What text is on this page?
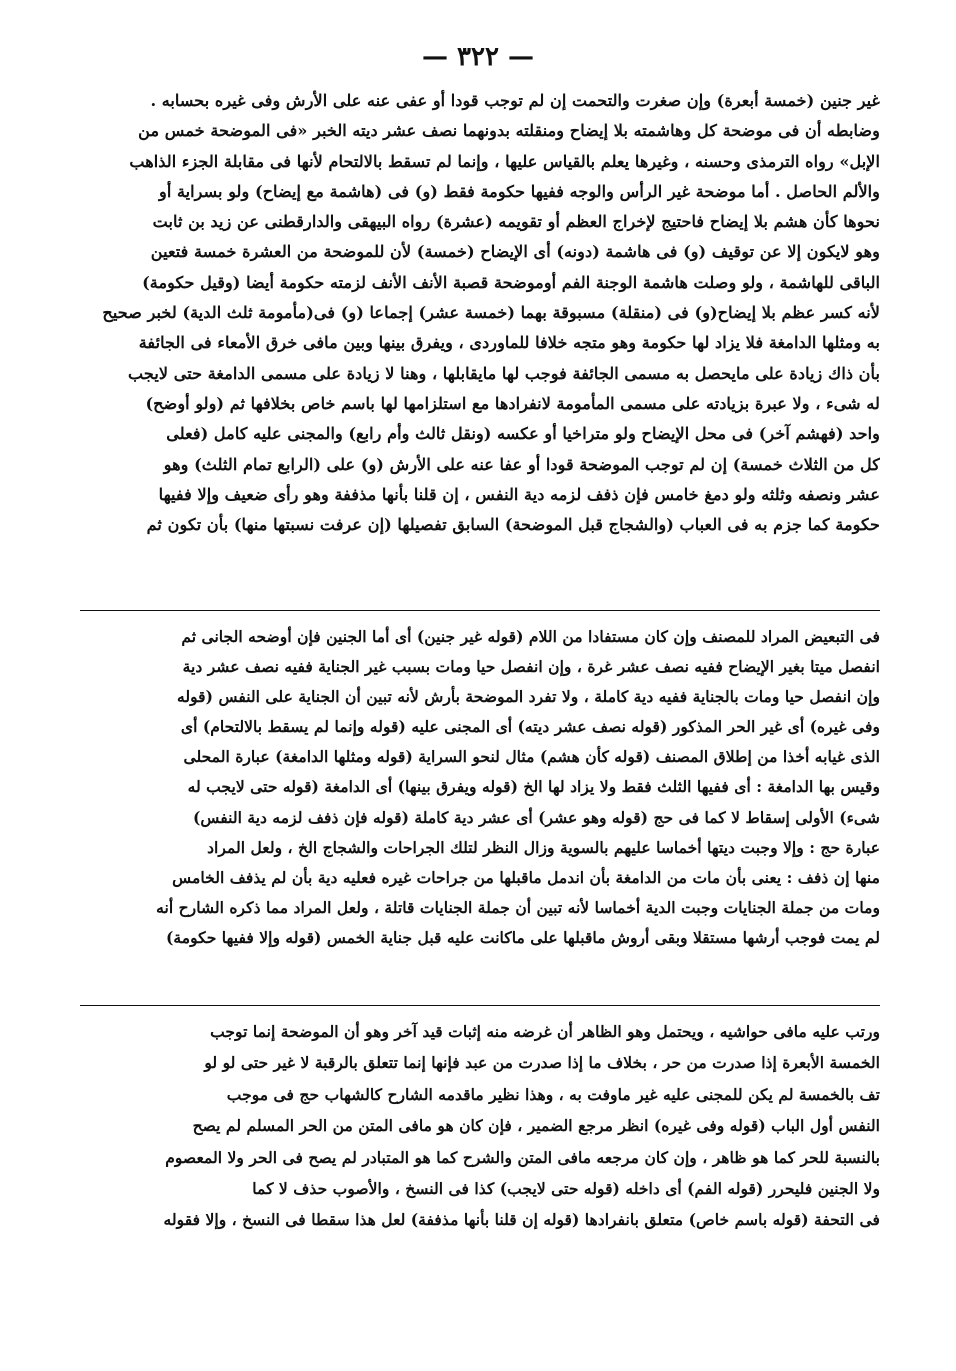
— ٣٢٢ —
غير جنين (خمسة أبعرة) وإن صغرت والتحمت إن لم توجب قودا أو عفى عنه على الأرش وفى غيره بحسابه .
وضابطه أن فى موضحة كل وهاشمته بلا إيضاح ومنقلته بدونهما نصف عشر ديته الخبر «فى الموضحة خمس من
الإبل» رواه الترمذى وحسنه ، وغيرها يعلم بالقياس عليها ، وإنما لم تسقط بالالتحام لأنها فى مقابلة الجزء الذاهب
والألم الحاصل . أما موضحة غير الرأس والوجه ففيها حكومة فقط (و) فى (هاشمة مع إيضاح) ولو بسراية أو
نحوها كأن هشم بلا إيضاح فاحتيج لإخراج العظم أو تقويمه (عشرة) رواه البيهقى والدارقطنى عن زيد بن ثابت
وهو لايكون إلا عن توقيف (و) فى هاشمة (دونه) أى الإيضاح (خمسة) لأن للموضحة من العشرة خمسة فتعين
الباقى للهاشمة ، ولو وصلت هاشمة الوجنة الفم أوموضحة قصبة الأنف الأنف لزمته حكومة أيضا (وقيل حكومة)
لأنه كسر عظم بلا إيضاح(و) فى (منقلة) مسبوقة بهما (خمسة عشر) إجماعا (و) فى(مأمومة ثلث الدية) لخبر صحيح
به ومثلها الدامغة فلا يزاد لها حكومة وهو متجه خلافا للماوردى ، ويفرق بينها وبين مافى خرق الأمعاء فى الجائفة
بأن ذاك زيادة على مايحصل به مسمى الجائفة فوجب لها مايقابلها ، وهنا لا زيادة على مسمى الدامغة حتى لايجب
له شىء ، ولا عبرة بزيادته على مسمى المأمومة لانفرادها مع استلزامها لها باسم خاص بخلافها ثم (ولو أوضح)
واحد (فهشم آخر) فى محل الإيضاح ولو متراخيا أو عكسه (ونقل ثالث وأم رابع) والمجنى عليه كامل (فعلى
كل من الثلاث خمسة) إن لم توجب الموضحة قودا أو عفا عنه على الأرش (و) على (الرابع تمام الثلث) وهو
عشر ونصفه وثلثه ولو دمغ خامس فإن ذفف لزمه دية النفس ، إن قلنا بأنها مذففة وهو رأى ضعيف وإلا ففيها
حكومة كما جزم به فى العباب (والشجاج قبل الموضحة) السابق تفصيلها (إن عرفت نسبتها منها) بأن تكون ثم
فى التبعيض المراد للمصنف وإن كان مستفادا من اللام (قوله غير جنين) أى أما الجنين فإن أوضحه الجانى ثم
انفصل ميتا بغير الإيضاح ففيه نصف عشر غرة ، وإن انفصل حيا ومات بسبب غير الجناية ففيه نصف عشر دية
وإن انفصل حيا ومات بالجناية ففيه دية كاملة ، ولا تفرد الموضحة بأرش لأنه تبين أن الجناية على النفس (قوله
وفى غيره) أى غير الحر المذكور (قوله نصف عشر ديته) أى المجنى عليه (قوله وإنما لم يسقط بالالتحام) أى
الذى غيابه أخذا من إطلاق المصنف (قوله كأن هشم) مثال لنحو السراية (قوله ومثلها الدامغة) عبارة المحلى
وقيس بها الدامغة : أى ففيها الثلث فقط ولا يزاد لها الخ (قوله ويفرق بينها) أى الدامغة (قوله حتى لايجب له
شىء) الأولى إسقاط لا كما فى حج (قوله وهو عشر) أى عشر دية كاملة (قوله فإن ذفف لزمه دية النفس)
عبارة حج : وإلا وجبت ديتها أخماسا عليهم بالسوية وزال النظر لتلك الجراحات والشجاج الخ ، ولعل المراد
منها إن ذفف : يعنى بأن مات من الدامغة بأن اندمل ماقبلها من جراحات غيره فعليه دية بأن لم يذفف الخامس
ومات من جملة الجنايات وجبت الدية أخماسا لأنه تبين أن جملة الجنايات قاتلة ، ولعل المراد مما ذكره الشارح أنه
لم يمت فوجب أرشها مستقلا وبقى أروش ماقبلها على ماكانت عليه قبل جناية الخمس (قوله وإلا ففيها حكومة)
ورتب عليه مافى حواشيه ، ويحتمل وهو الظاهر أن غرضه منه إثبات قيد آخر وهو أن الموضحة إنما توجب
الخمسة الأبعرة إذا صدرت من حر ، بخلاف ما إذا صدرت من عبد فإنها إنما تتعلق بالرقبة لا غير حتى لو لو
تف بالخمسة لم يكن للمجنى عليه غير ماوفت به ، وهذا نظير ماقدمه الشارح كالشهاب حج فى موجب
النفس أول الباب (قوله وفى غيره) انظر مرجع الضمير ، فإن كان هو مافى المتن من الحر المسلم لم يصح
بالنسبة للحر كما هو ظاهر ، وإن كان مرجعه مافى المتن والشرح كما هو المتبادر لم يصح فى الحر ولا المعصوم
ولا الجنين فليحرر (قوله الفم) أى داخله (قوله حتى لايجب) كذا فى النسخ ، والأصوب حذف لا كما
فى التحفة (قوله باسم خاص) متعلق بانفرادها (قوله إن قلنا بأنها مذففة) لعل هذا سقطا فى النسخ ، وإلا فقوله
